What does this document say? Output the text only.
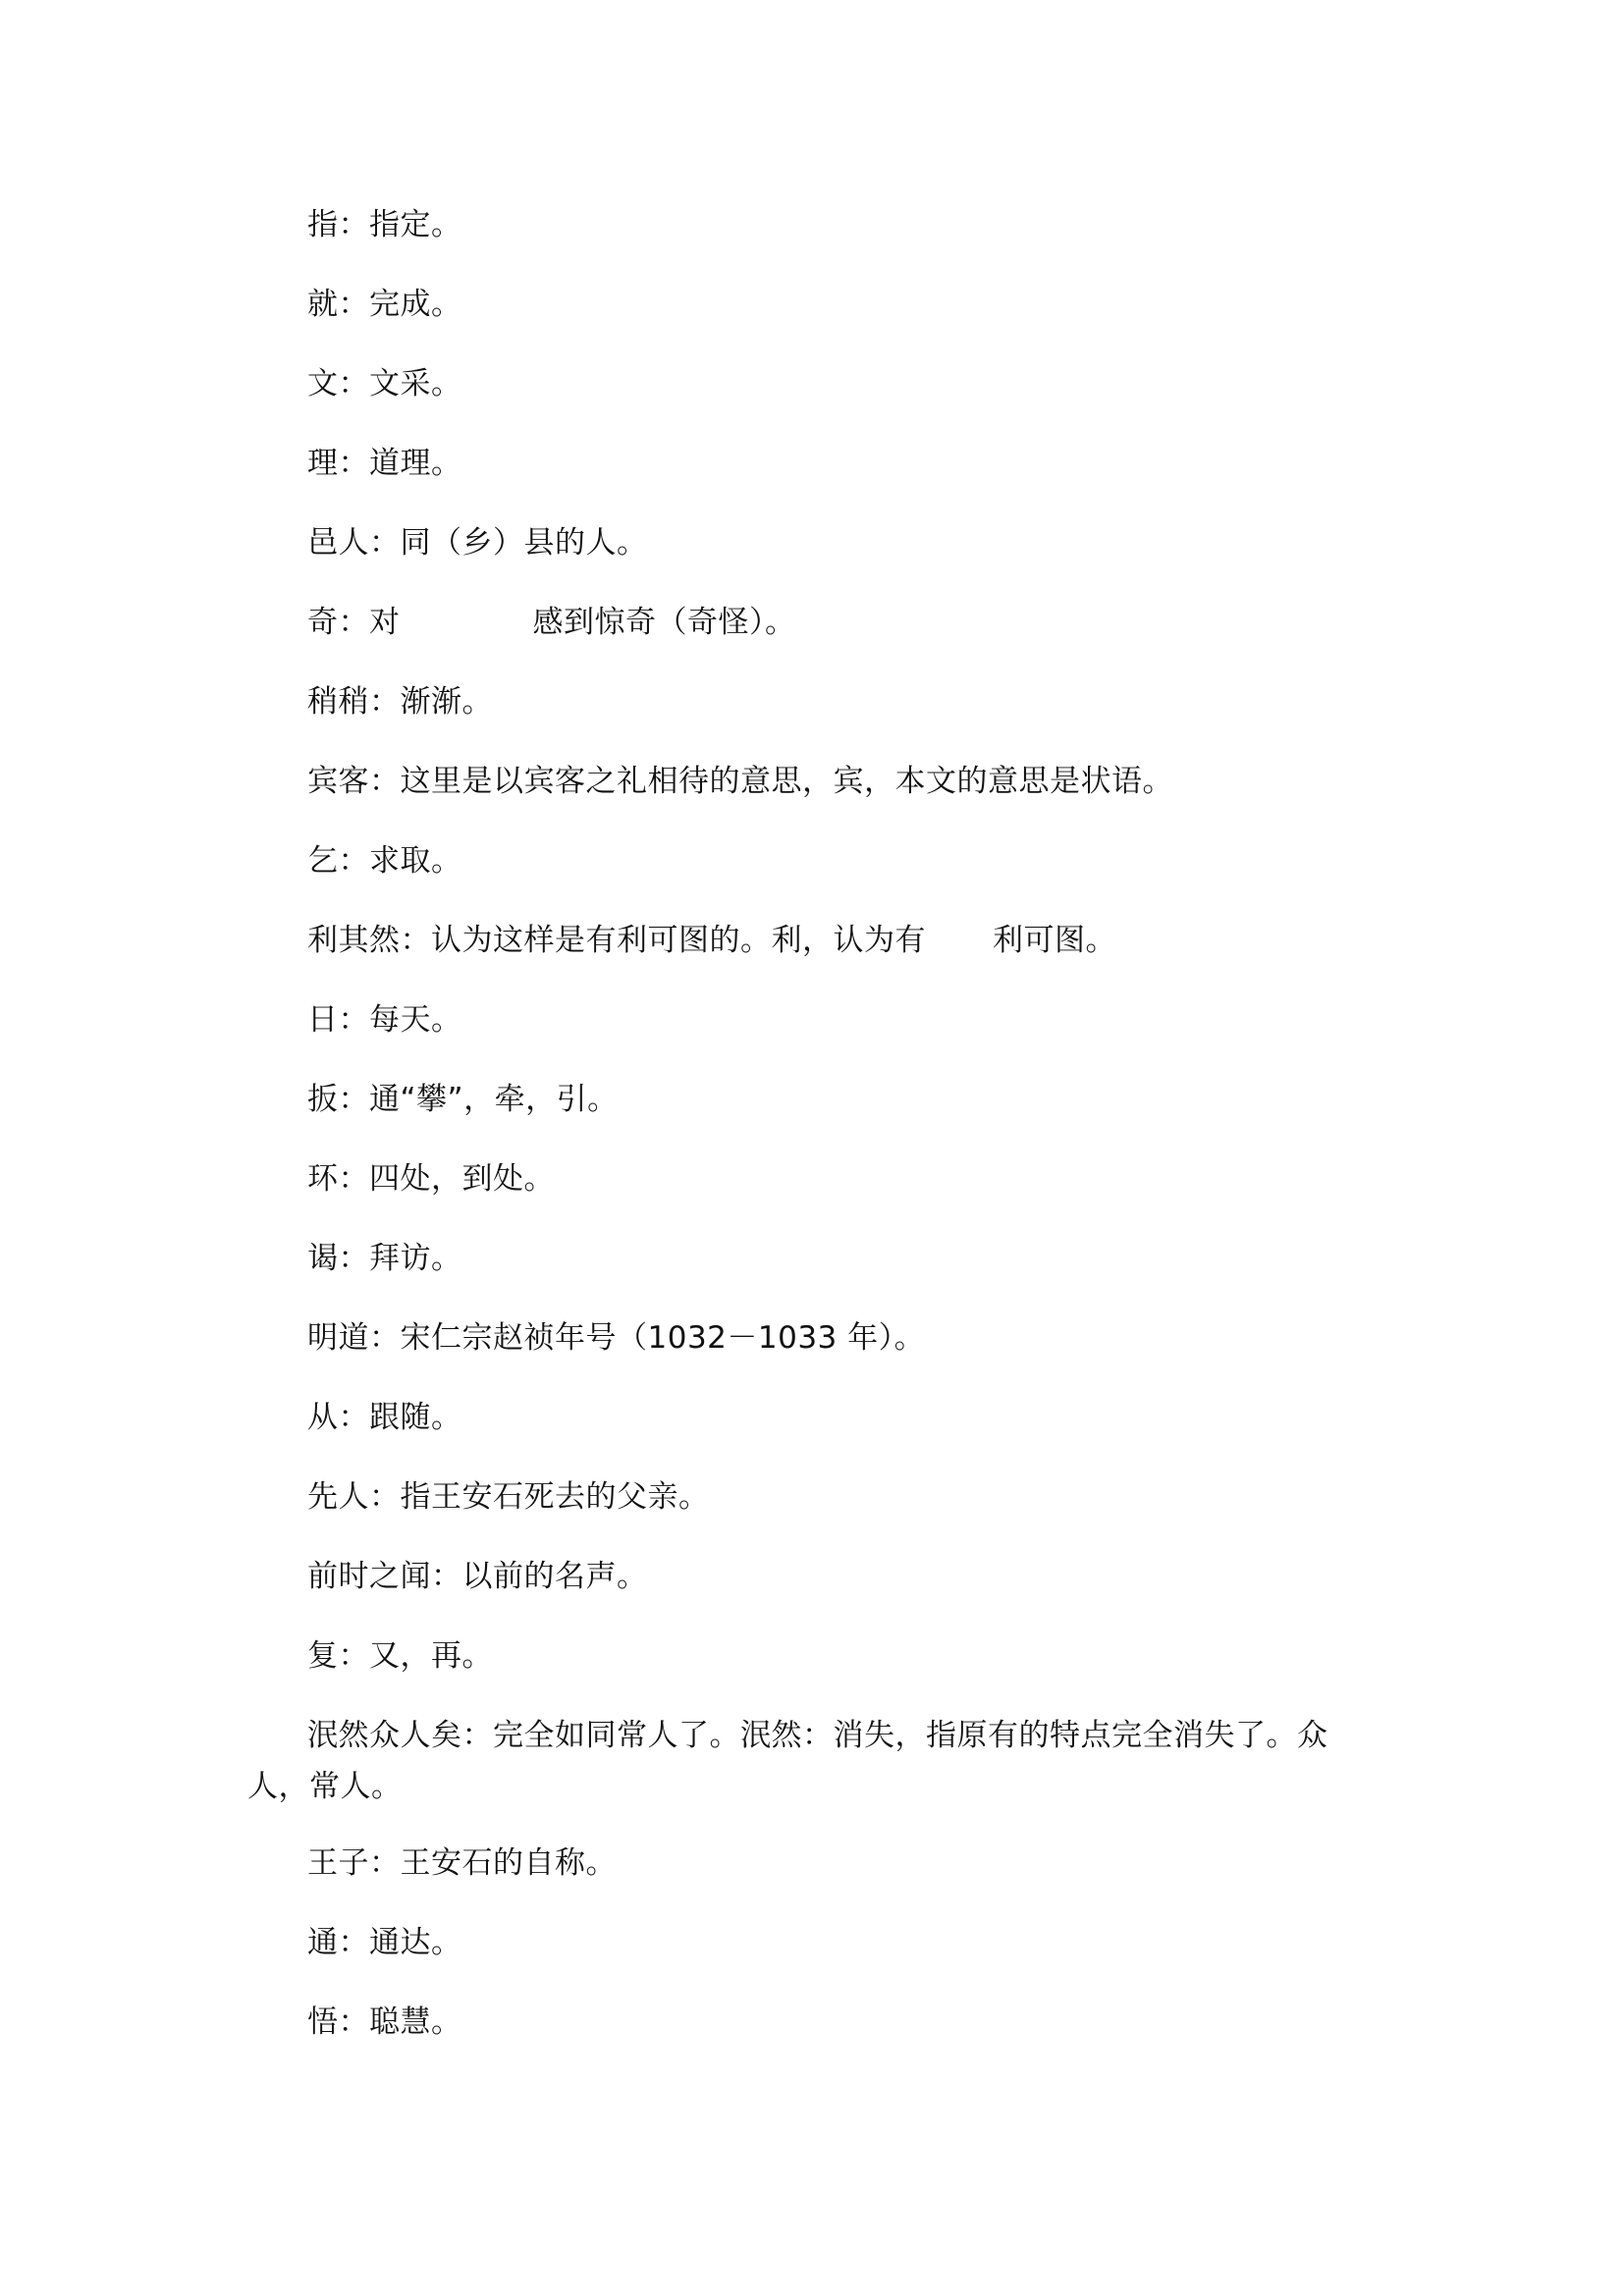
指：指定。

就：完成。

文：文采。

理：道理。

邑人：同（乡）县的人。

奇：对	感到惊奇（奇怪）。

稍稍：渐渐。

宾客：这里是以宾客之礼相待的意思，宾，本文的意思是状语。

乞：求取。

利其然：认为这样是有利可图的。利，认为有 利可图。

日：每天。

扳：通“攀”，牵，引。

环：四处，到处。

谒：拜访。

明道：宋仁宗赵祯年号（1032－1033 年）。

从：跟随。

先人：指王安石死去的父亲。

前时之闻：以前的名声。

复：又，再。

泯然众人矣：完全如同常人了。泯然：消失，指原有的特点完全消失了。众人，常人。

王子：王安石的自称。

通：通达。

悟：聪慧。
